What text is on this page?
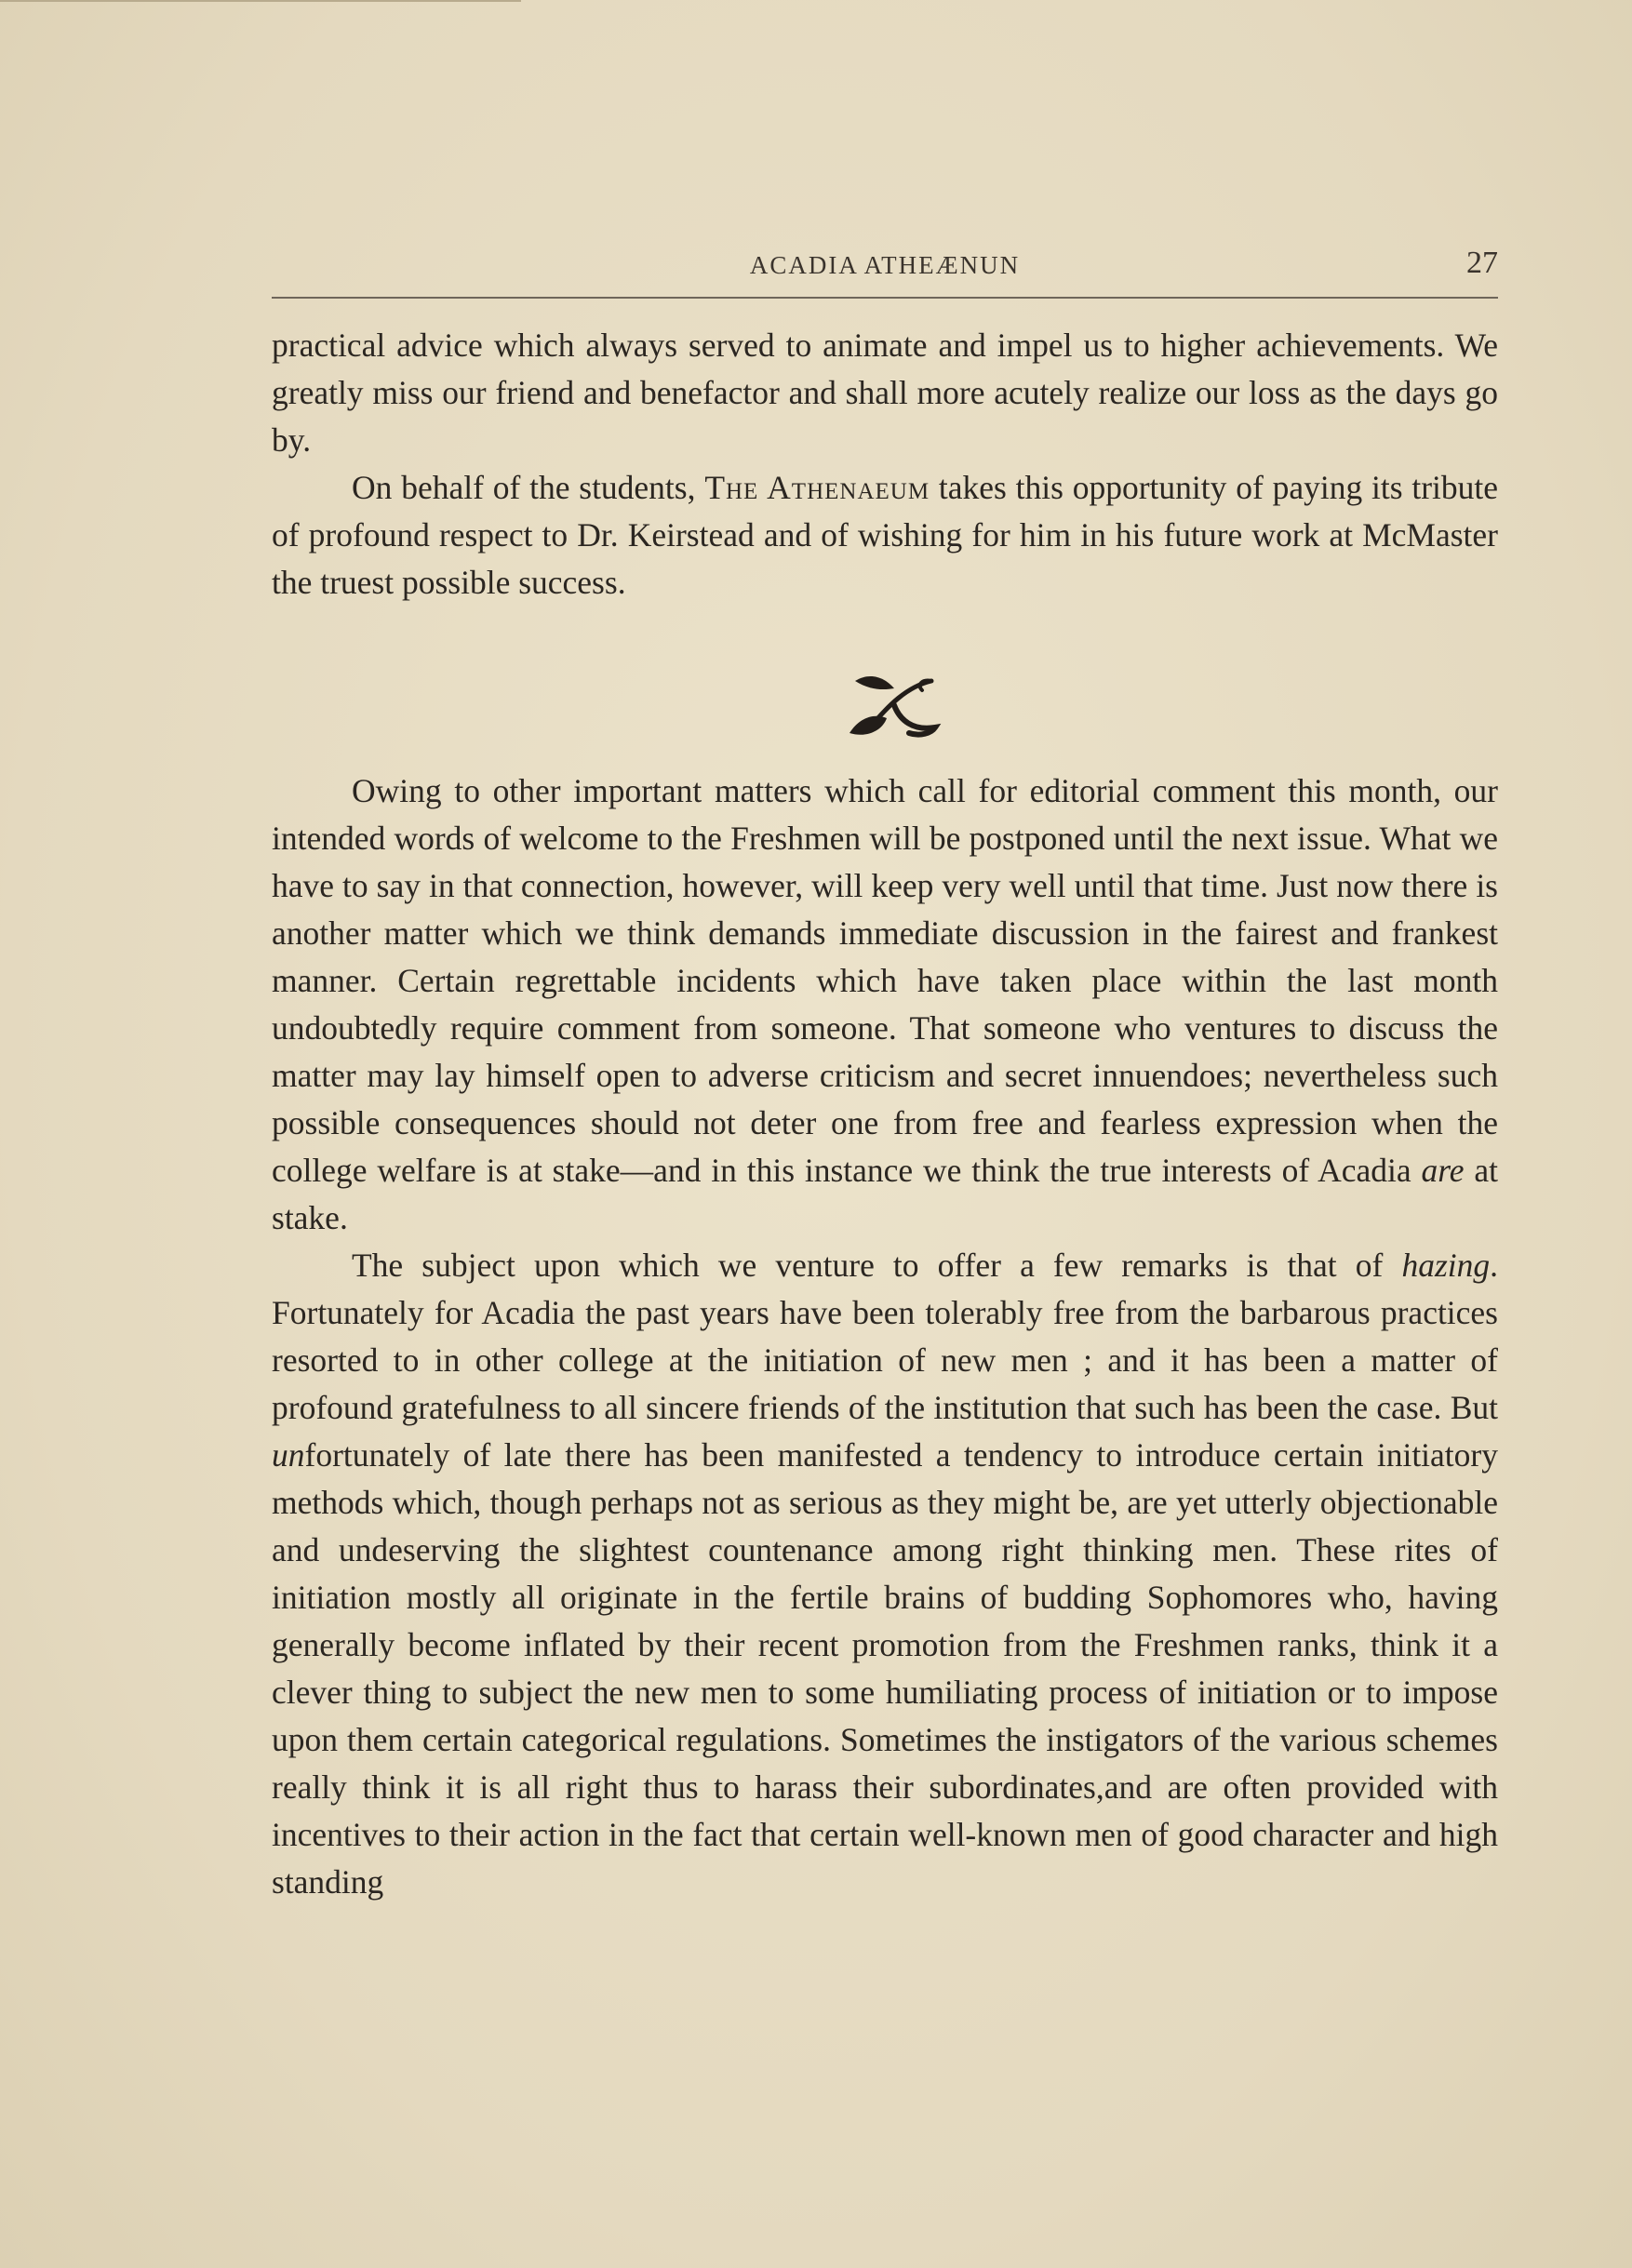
ACADIA ATHEÆNUN	27

practical advice which always served to animate and impel us to higher achievements. We greatly miss our friend and benefactor and shall more acutely realize our loss as the days go by.

On behalf of the students, The Athenaeum takes this opportunity of paying its tribute of profound respect to Dr. Keirstead and of wishing for him in his future work at McMaster the truest possible success.

Owing to other important matters which call for editorial comment this month, our intended words of welcome to the Freshmen will be postponed until the next issue. What we have to say in that connection, however, will keep very well until that time. Just now there is another matter which we think demands immediate discussion in the fairest and frankest manner. Certain regrettable incidents which have taken place within the last month undoubtedly require comment from someone. That someone who ventures to discuss the matter may lay himself open to adverse criticism and secret innuendoes; nevertheless such possible consequences should not deter one from free and fearless expression when the college welfare is at stake—and in this instance we think the true interests of Acadia are at stake.

The subject upon which we venture to offer a few remarks is that of hazing. Fortunately for Acadia the past years have been tolerably free from the barbarous practices resorted to in other college at the initiation of new men ; and it has been a matter of profound gratefulness to all sincere friends of the institution that such has been the case. But unfortunately of late there has been manifested a tendency to introduce certain initiatory methods which, though perhaps not as serious as they might be, are yet utterly objectionable and undeserving the slightest countenance among right thinking men. These rites of initiation mostly all originate in the fertile brains of budding Sophomores who, having generally become inflated by their recent promotion from the Freshmen ranks, think it a clever thing to subject the new men to some humiliating process of initiation or to impose upon them certain categorical regulations. Sometimes the instigators of the various schemes really think it is all right thus to harass their subordinates,and are often provided with incentives to their action in the fact that certain well-known men of good character and high standing
